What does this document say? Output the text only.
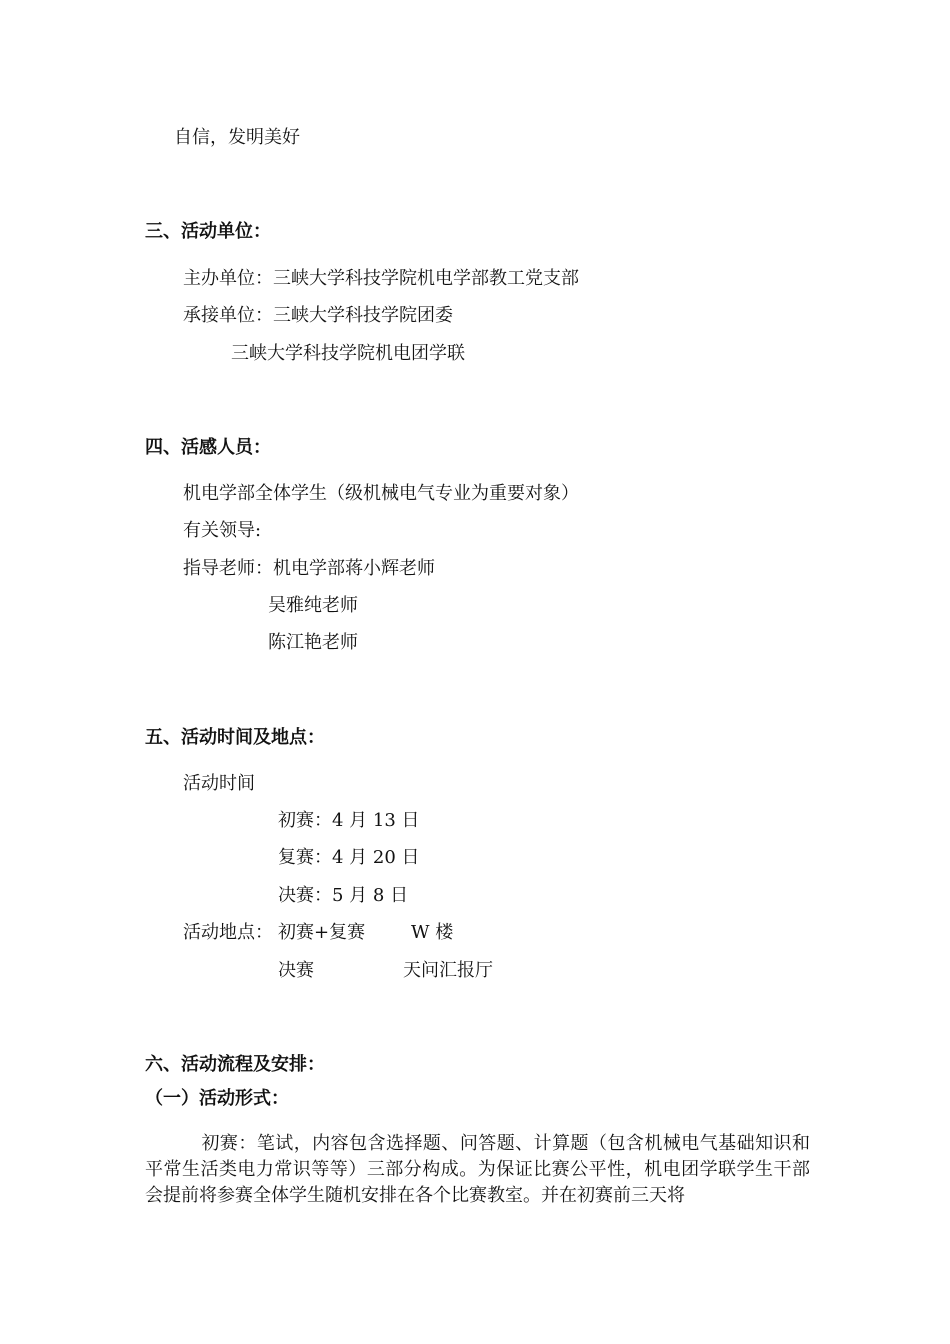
自信，发明美好
三、活动单位：
主办单位：三峡大学科技学院机电学部教工党支部
承接单位：三峡大学科技学院团委
三峡大学科技学院机电团学联
四、活感人员：
机电学部全体学生（级机械电气专业为重要对象）
有关领导:
指导老师：机电学部蒋小辉老师
吴雅纯老师
陈江艳老师
五、活动时间及地点：
活动时间
初赛：4 月 13 日
复赛：4 月 20 日
决赛：5 月 8 日
活动地点： 初赛+复赛	W 楼
决赛	天问汇报厅
六、活动流程及安排：
（一）活动形式：
初赛：笔试，内容包含选择题、问答题、计算题（包含机械电气基础知识和平常生活类电力常识等等）三部分构成。为保证比赛公平性，机电团学联学生干部会提前将参赛全体学生随机安排在各个比赛教室。并在初赛前三天将
